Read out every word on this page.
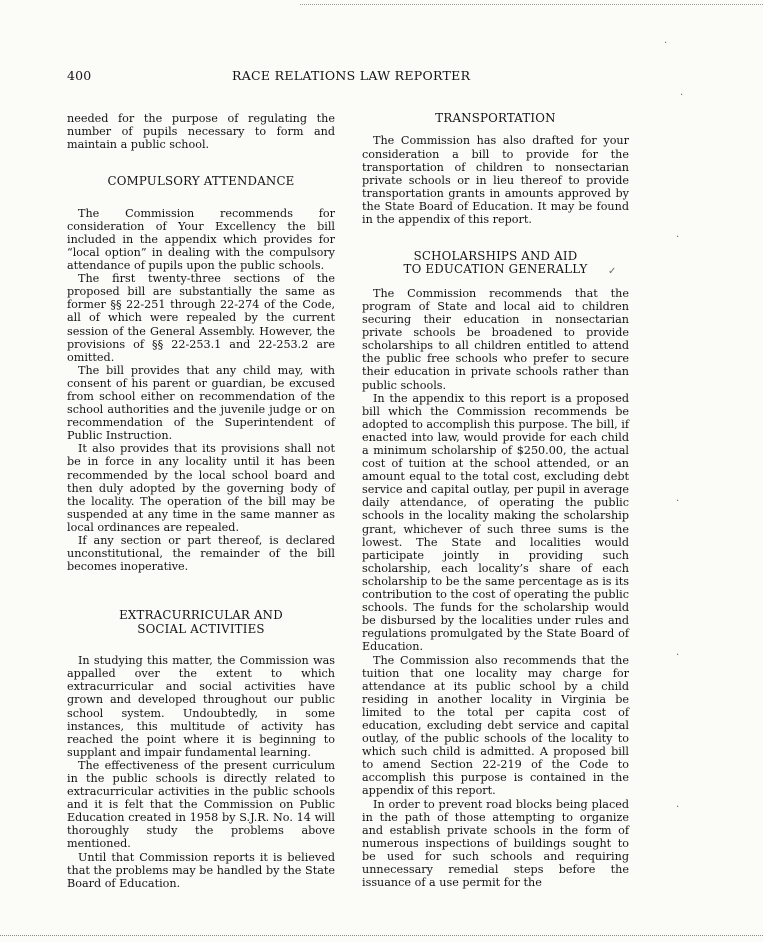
400	RACE RELATIONS LAW REPORTER

needed for the purpose of regulating the number of pupils necessary to form and maintain a public school.

COMPULSORY ATTENDANCE

The Commission recommends for consideration of Your Excellency the bill included in the appendix which provides for “local option” in dealing with the compulsory attendance of pupils upon the public schools.

The first twenty-three sections of the proposed bill are substantially the same as former §§ 22-251 through 22-274 of the Code, all of which were repealed by the current session of the General Assembly. However, the provisions of §§ 22-253.1 and 22-253.2 are omitted.

The bill provides that any child may, with consent of his parent or guardian, be excused from school either on recommendation of the school authorities and the juvenile judge or on recommendation of the Superintendent of Public Instruction.

It also provides that its provisions shall not be in force in any locality until it has been recommended by the local school board and then duly adopted by the governing body of the locality. The operation of the bill may be suspended at any time in the same manner as local ordinances are repealed.

If any section or part thereof, is declared unconstitutional, the remainder of the bill becomes inoperative.

EXTRACURRICULAR AND
SOCIAL ACTIVITIES

In studying this matter, the Commission was appalled over the extent to which extracurricular and social activities have grown and developed throughout our public school system. Undoubtedly, in some instances, this multitude of activity has reached the point where it is beginning to supplant and impair fundamental learning.

The effectiveness of the present curriculum in the public schools is directly related to extracurricular activities in the public schools and it is felt that the Commission on Public Education created in 1958 by S.J.R. No. 14 will thoroughly study the problems above mentioned.

Until that Commission reports it is believed that the problems may be handled by the State Board of Education.

TRANSPORTATION

The Commission has also drafted for your consideration a bill to provide for the transportation of children to nonsectarian private schools or in lieu thereof to provide transportation grants in amounts approved by the State Board of Education. It may be found in the appendix of this report.

SCHOLARSHIPS AND AID
TO EDUCATION GENERALLY

The Commission recommends that the program of State and local aid to children securing their education in nonsectarian private schools be broadened to provide scholarships to all children entitled to attend the public free schools who prefer to secure their education in private schools rather than public schools.

In the appendix to this report is a proposed bill which the Commission recommends be adopted to accomplish this purpose. The bill, if enacted into law, would provide for each child a minimum scholarship of $250.00, the actual cost of tuition at the school attended, or an amount equal to the total cost, excluding debt service and capital outlay, per pupil in average daily attendance, of operating the public schools in the locality making the scholarship grant, whichever of such three sums is the lowest. The State and localities would participate jointly in providing such scholarship, each locality’s share of each scholarship to be the same percentage as is its contribution to the cost of operating the public schools. The funds for the scholarship would be disbursed by the localities under rules and regulations promulgated by the State Board of Education.

The Commission also recommends that the tuition that one locality may charge for attendance at its public school by a child residing in another locality in Virginia be limited to the total per capita cost of education, excluding debt service and capital outlay, of the public schools of the locality to which such child is admitted. A proposed bill to amend Section 22-219 of the Code to accomplish this purpose is contained in the appendix of this report.

In order to prevent road blocks being placed in the path of those attempting to organize and establish private schools in the form of numerous inspections of buildings sought to be used for such schools and requiring unnecessary remedial steps before the issuance of a use permit for the

·
·
·
✓
·
·
·
